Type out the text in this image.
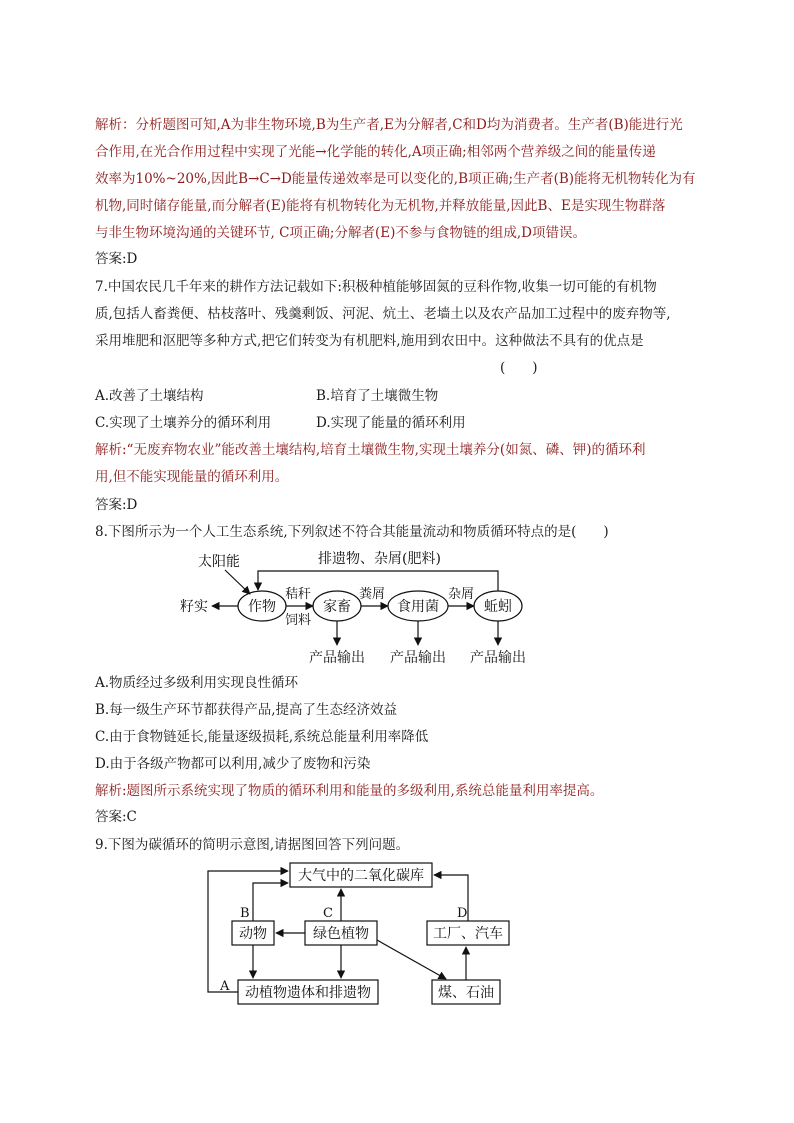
解析：分析题图可知,A为非生物环境,B为生产者,E为分解者,C和D均为消费者。生产者(B)能进行光
合作用,在光合作用过程中实现了光能→化学能的转化,A项正确;相邻两个营养级之间的能量传递
效率为10%~20%,因此B→C→D能量传递效率是可以变化的,B项正确;生产者(B)能将无机物转化为有
机物,同时储存能量,而分解者(E)能将有机物转化为无机物,并释放能量,因此B、E是实现生物群落
与非生物环境沟通的关键环节, C项正确;分解者(E)不参与食物链的组成,D项错误。
答案:D
7.中国农民几千年来的耕作方法记载如下:积极种植能够固氮的豆科作物,收集一切可能的有机物
质,包括人畜粪便、枯枝落叶、残羹剩饭、河泥、炕土、老墙土以及农产品加工过程中的废弃物等,
采用堆肥和沤肥等多种方式,把它们转变为有机肥料,施用到农田中。这种做法不具有的优点是
(　　)
A.改善了土壤结构	B.培育了土壤微生物
C.实现了土壤养分的循环利用	D.实现了能量的循环利用
解析:“无废弃物农业”能改善土壤结构,培育土壤微生物,实现土壤养分(如氮、磷、钾)的循环利
用,但不能实现能量的循环利用。
答案:D
8.下图所示为一个人工生态系统,下列叙述不符合其能量流动和物质循环特点的是(　　)
作物	家畜	食用菌	蚯蚓
太阳能
籽实
排遗物、杂屑(肥料)
秸秆
饲料
粪屑	杂屑
产品输出 产品输出 产品输出
A.物质经过多级利用实现良性循环
B.每一级生产环节都获得产品,提高了生态经济效益
C.由于食物链延长,能量逐级损耗,系统总能量利用率降低
D.由于各级产物都可以利用,减少了废物和污染
解析:题图所示系统实现了物质的循环利用和能量的多级利用,系统总能量利用率提高。
答案:C
9.下图为碳循环的简明示意图,请据图回答下列问题。
大气中的二氧化碳库
动物	绿色植物	工厂、汽车
动植物遗体和排遗物	煤、石油
A
B	C	D
